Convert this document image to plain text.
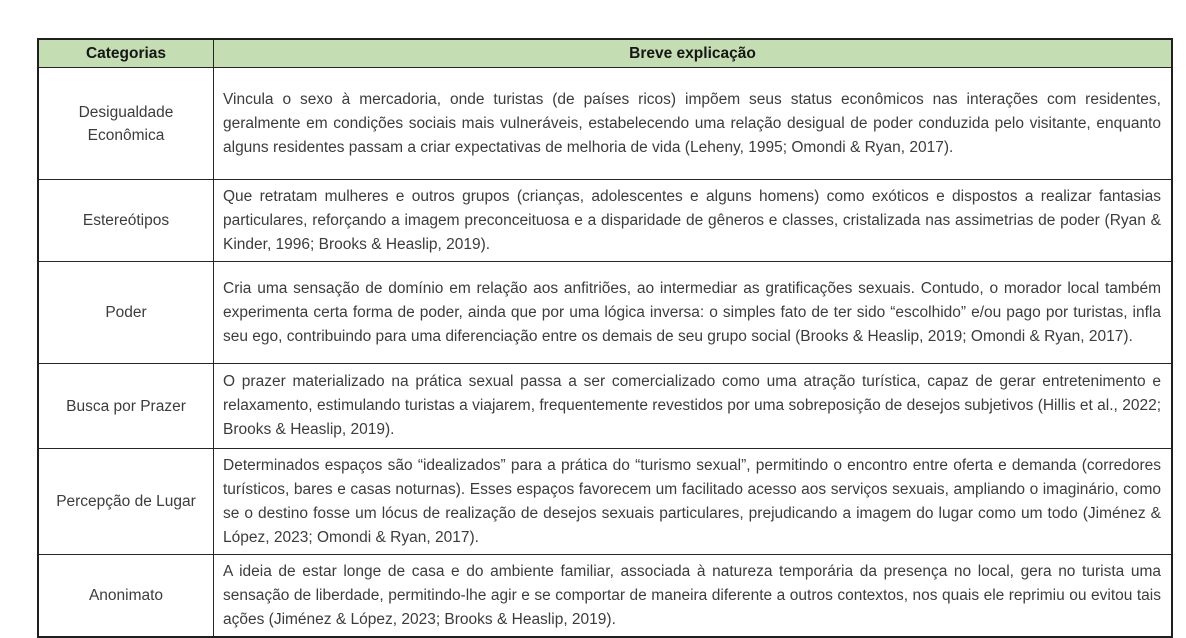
Categorias	Breve explicação
Desigualdade Econômica	Vincula o sexo à mercadoria, onde turistas (de países ricos) impõem seus status econômicos nas interações com residentes, geralmente em condições sociais mais vulneráveis, estabelecendo uma relação desigual de poder conduzida pelo visitante, enquanto alguns residentes passam a criar expectativas de melhoria de vida (Leheny, 1995; Omondi & Ryan, 2017).
Estereótipos	Que retratam mulheres e outros grupos (crianças, adolescentes e alguns homens) como exóticos e dispostos a realizar fantasias particulares, reforçando a imagem preconceituosa e a disparidade de gêneros e classes, cristalizada nas assimetrias de poder (Ryan & Kinder, 1996; Brooks & Heaslip, 2019).
Poder	Cria uma sensação de domínio em relação aos anfitriões, ao intermediar as gratificações sexuais. Contudo, o morador local também experimenta certa forma de poder, ainda que por uma lógica inversa: o simples fato de ter sido “escolhido” e/ou pago por turistas, infla seu ego, contribuindo para uma diferenciação entre os demais de seu grupo social (Brooks & Heaslip, 2019; Omondi & Ryan, 2017).
Busca por Prazer	O prazer materializado na prática sexual passa a ser comercializado como uma atração turística, capaz de gerar entretenimento e relaxamento, estimulando turistas a viajarem, frequentemente revestidos por uma sobreposição de desejos subjetivos (Hillis et al., 2022; Brooks & Heaslip, 2019).
Percepção de Lugar	Determinados espaços são “idealizados” para a prática do “turismo sexual”, permitindo o encontro entre oferta e demanda (corredores turísticos, bares e casas noturnas). Esses espaços favorecem um facilitado acesso aos serviços sexuais, ampliando o imaginário, como se o destino fosse um lócus de realização de desejos sexuais particulares, prejudicando a imagem do lugar como um todo (Jiménez & López, 2023; Omondi & Ryan, 2017).
Anonimato	A ideia de estar longe de casa e do ambiente familiar, associada à natureza temporária da presença no local, gera no turista uma sensação de liberdade, permitindo-lhe agir e se comportar de maneira diferente a outros contextos, nos quais ele reprimiu ou evitou tais ações (Jiménez & López, 2023; Brooks & Heaslip, 2019).
